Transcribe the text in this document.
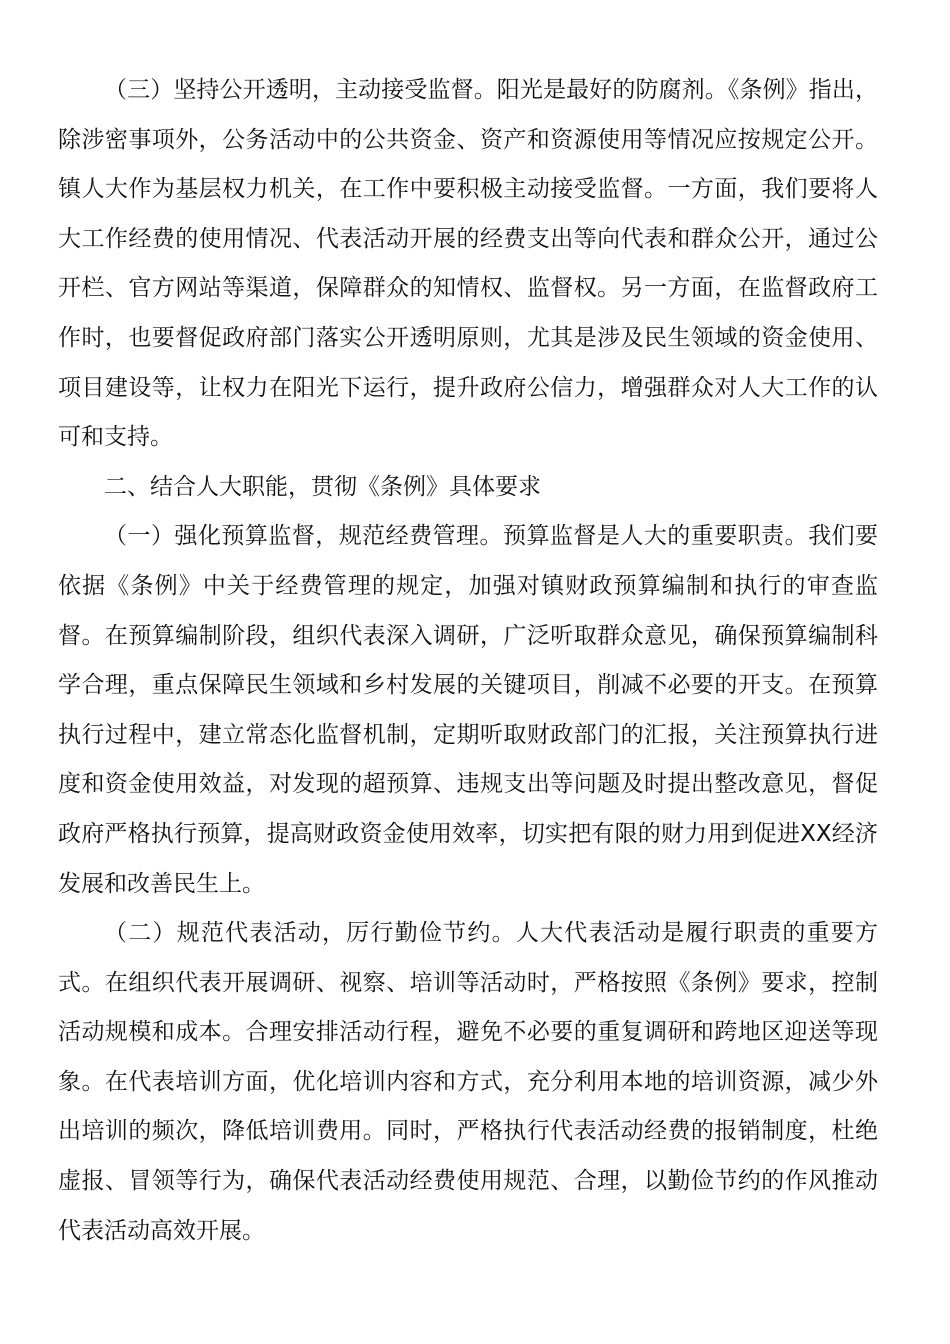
（三）坚持公开透明，主动接受监督。阳光是最好的防腐剂。《条例》指出，除涉密事项外，公务活动中的公共资金、资产和资源使用等情况应按规定公开。镇人大作为基层权力机关，在工作中要积极主动接受监督。一方面，我们要将人大工作经费的使用情况、代表活动开展的经费支出等向代表和群众公开，通过公开栏、官方网站等渠道，保障群众的知情权、监督权。另一方面，在监督政府工作时，也要督促政府部门落实公开透明原则，尤其是涉及民生领域的资金使用、项目建设等，让权力在阳光下运行，提升政府公信力，增强群众对人大工作的认可和支持。

二、结合人大职能，贯彻《条例》具体要求

（一）强化预算监督，规范经费管理。预算监督是人大的重要职责。我们要依据《条例》中关于经费管理的规定，加强对镇财政预算编制和执行的审查监督。在预算编制阶段，组织代表深入调研，广泛听取群众意见，确保预算编制科学合理，重点保障民生领域和乡村发展的关键项目，削减不必要的开支。在预算执行过程中，建立常态化监督机制，定期听取财政部门的汇报，关注预算执行进度和资金使用效益，对发现的超预算、违规支出等问题及时提出整改意见，督促政府严格执行预算，提高财政资金使用效率，切实把有限的财力用到促进XX经济发展和改善民生上。

（二）规范代表活动，厉行勤俭节约。人大代表活动是履行职责的重要方式。在组织代表开展调研、视察、培训等活动时，严格按照《条例》要求，控制活动规模和成本。合理安排活动行程，避免不必要的重复调研和跨地区迎送等现象。在代表培训方面，优化培训内容和方式，充分利用本地的培训资源，减少外出培训的频次，降低培训费用。同时，严格执行代表活动经费的报销制度，杜绝虚报、冒领等行为，确保代表活动经费使用规范、合理，以勤俭节约的作风推动代表活动高效开展。
